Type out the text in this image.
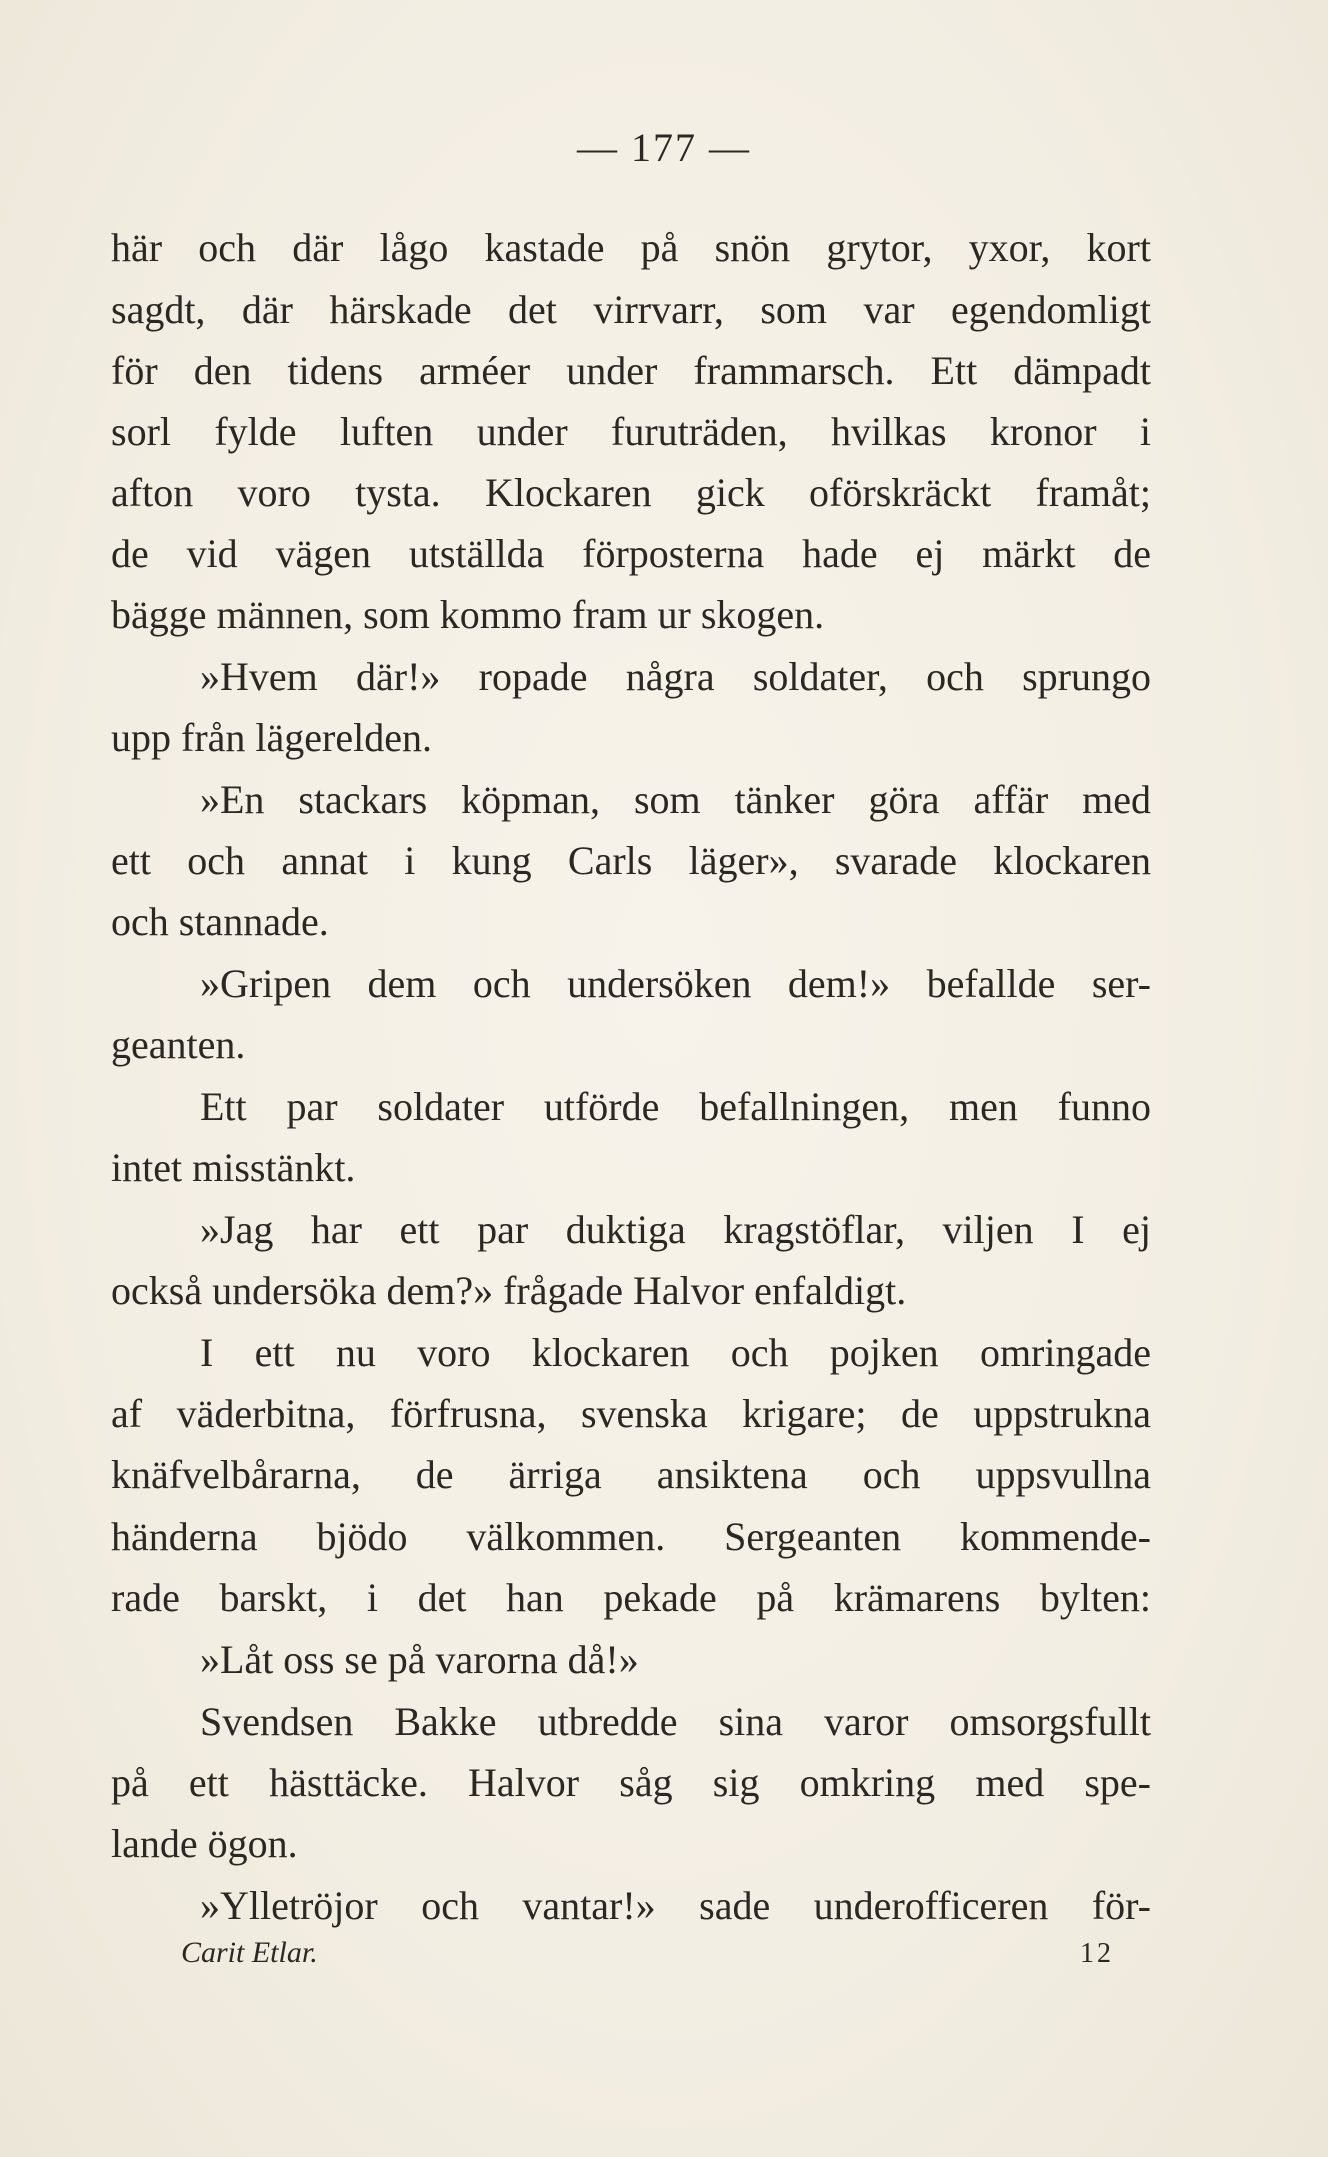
— 177 —
här och där lågo kastade på snön grytor, yxor, kort
sagdt, där härskade det virrvarr, som var egendomligt
för den tidens arméer under frammarsch. Ett dämpadt
sorl fylde luften under furuträden, hvilkas kronor i
afton voro tysta. Klockaren gick oförskräckt framåt;
de vid vägen utställda förposterna hade ej märkt de
bägge männen, som kommo fram ur skogen.
»Hvem där!» ropade några soldater, och sprungo
upp från lägerelden.
»En stackars köpman, som tänker göra affär med
ett och annat i kung Carls läger», svarade klockaren
och stannade.
»Gripen dem och undersöken dem!» befallde ser-
geanten.
Ett par soldater utförde befallningen, men funno
intet misstänkt.
»Jag har ett par duktiga kragstöflar, viljen I ej
också undersöka dem?» frågade Halvor enfaldigt.
I ett nu voro klockaren och pojken omringade
af väderbitna, förfrusna, svenska krigare; de uppstrukna
knäfvelbårarna, de ärriga ansiktena och uppsvullna
händerna bjödo välkommen. Sergeanten kommende-
rade barskt, i det han pekade på krämarens bylten:
»Låt oss se på varorna då!»
Svendsen Bakke utbredde sina varor omsorgsfullt
på ett hästtäcke. Halvor såg sig omkring med spe-
lande ögon.
»Ylletröjor och vantar!» sade underofficeren för-
Carit Etlar.	12
